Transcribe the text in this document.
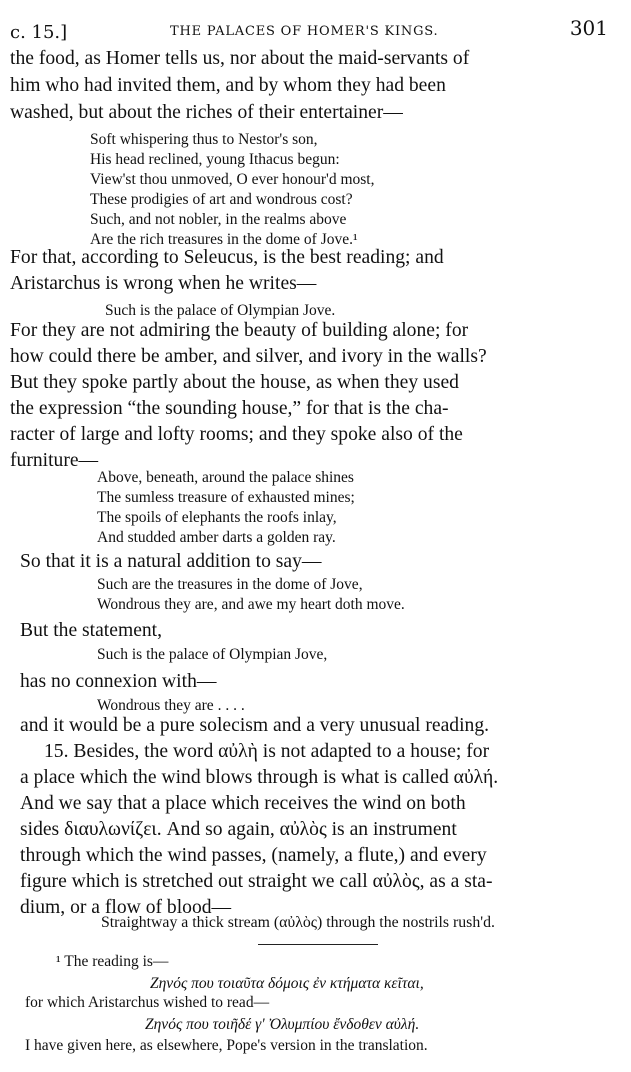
c. 15.]	THE PALACES OF HOMER'S KINGS.	301
the food, as Homer tells us, nor about the maid-servants of
him who had invited them, and by whom they had been
washed, but about the riches of their entertainer—
Soft whispering thus to Nestor's son,
His head reclined, young Ithacus begun:
View'st thou unmoved, O ever honour'd most,
These prodigies of art and wondrous cost?
Such, and not nobler, in the realms above
Are the rich treasures in the dome of Jove.¹
For that, according to Seleucus, is the best reading; and
Aristarchus is wrong when he writes—
Such is the palace of Olympian Jove.
For they are not admiring the beauty of building alone; for
how could there be amber, and silver, and ivory in the walls?
But they spoke partly about the house, as when they used
the expression “the sounding house,” for that is the cha-
racter of large and lofty rooms; and they spoke also of the
furniture—
Above, beneath, around the palace shines
The sumless treasure of exhausted mines;
The spoils of elephants the roofs inlay,
And studded amber darts a golden ray.
So that it is a natural addition to say—
Such are the treasures in the dome of Jove,
Wondrous they are, and awe my heart doth move.
But the statement,
Such is the palace of Olympian Jove,
has no connexion with—
Wondrous they are . . . .
and it would be a pure solecism and a very unusual reading.
15. Besides, the word αὐλὴ is not adapted to a house; for
a place which the wind blows through is what is called αὐλή.
And we say that a place which receives the wind on both
sides διαυλωνίζει. And so again, αὐλὸς is an instrument
through which the wind passes, (namely, a flute,) and every
figure which is stretched out straight we call αὐλὸς, as a sta-
dium, or a flow of blood—
Straightway a thick stream (αὐλὸς) through the nostrils rush'd.
¹ The reading is—
Ζηνός που τοιαῦτα δόμοις ἐν κτήματα κεῖται,
for which Aristarchus wished to read—
Ζηνός που τοιῆδέ γ' Ὀλυμπίου ἔνδοθεν αὐλή.
I have given here, as elsewhere, Pope's version in the translation.
